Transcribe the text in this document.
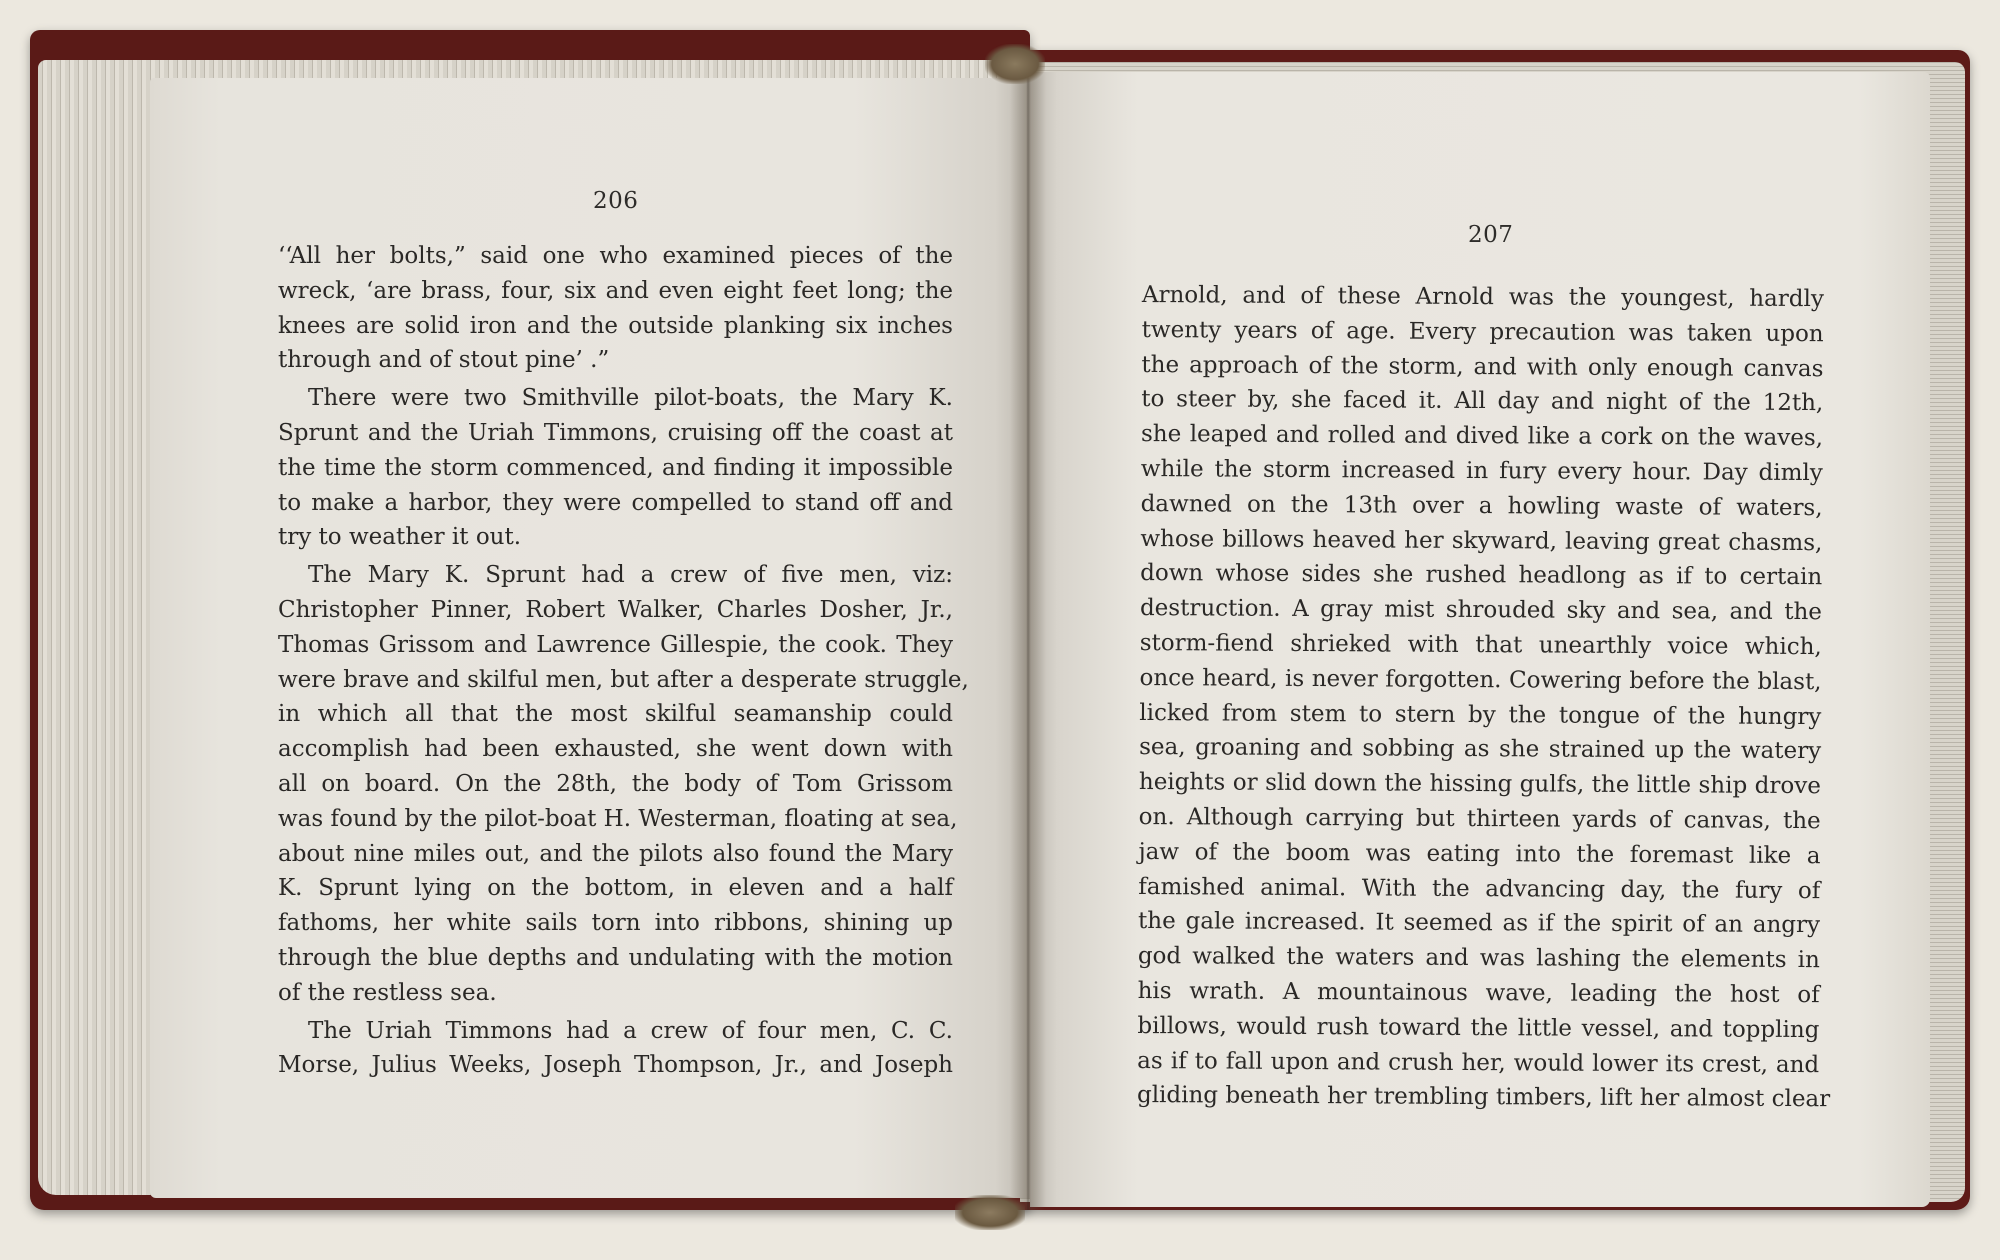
206
207
‘‘All her bolts,” said one who examined pieces of the
wreck, ‘are brass, four, six and even eight feet long; the
knees are solid iron and the outside planking six inches
through and of stout pine’ .”
There were two Smithville pilot-boats, the Mary K.
Sprunt and the Uriah Timmons, cruising off the coast at
the time the storm commenced, and finding it impossible
to make a harbor, they were compelled to stand off and
try to weather it out.
The Mary K. Sprunt had a crew of five men, viz:
Christopher Pinner, Robert Walker, Charles Dosher, Jr.,
Thomas Grissom and Lawrence Gillespie, the cook. They
were brave and skilful men, but after a desperate struggle,
in which all that the most skilful seamanship could
accomplish had been exhausted, she went down with
all on board. On the 28th, the body of Tom Grissom
was found by the pilot-boat H. Westerman, floating at sea,
about nine miles out, and the pilots also found the Mary
K. Sprunt lying on the bottom, in eleven and a half
fathoms, her white sails torn into ribbons, shining up
through the blue depths and undulating with the motion
of the restless sea.
The Uriah Timmons had a crew of four men, C. C.
Morse, Julius Weeks, Joseph Thompson, Jr., and Joseph
Arnold, and of these Arnold was the youngest, hardly
twenty years of age. Every precaution was taken upon
the approach of the storm, and with only enough canvas
to steer by, she faced it. All day and night of the 12th,
she leaped and rolled and dived like a cork on the waves,
while the storm increased in fury every hour. Day dimly
dawned on the 13th over a howling waste of waters,
whose billows heaved her skyward, leaving great chasms,
down whose sides she rushed headlong as if to certain
destruction. A gray mist shrouded sky and sea, and the
storm-fiend shrieked with that unearthly voice which,
once heard, is never forgotten. Cowering before the blast,
licked from stem to stern by the tongue of the hungry
sea, groaning and sobbing as she strained up the watery
heights or slid down the hissing gulfs, the little ship drove
on. Although carrying but thirteen yards of canvas, the
jaw of the boom was eating into the foremast like a
famished animal. With the advancing day, the fury of
the gale increased. It seemed as if the spirit of an angry
god walked the waters and was lashing the elements in
his wrath. A mountainous wave, leading the host of
billows, would rush toward the little vessel, and toppling
as if to fall upon and crush her, would lower its crest, and
gliding beneath her trembling timbers, lift her almost clear
